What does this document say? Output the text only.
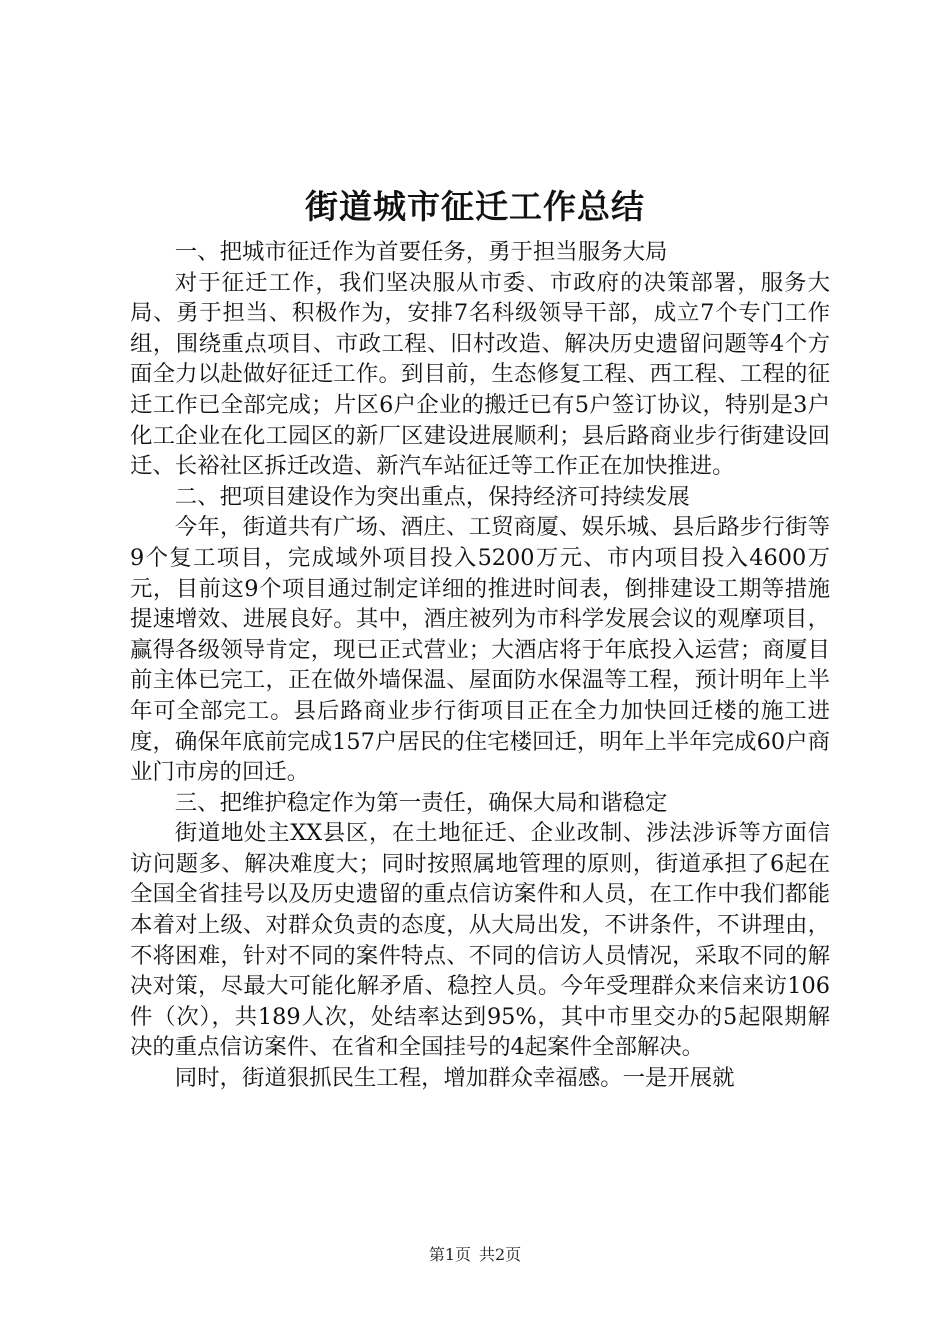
街道城市征迁工作总结

一、把城市征迁作为首要任务，勇于担当服务大局

对于征迁工作，我们坚决服从市委、市政府的决策部署，服务大局、勇于担当、积极作为，安排7名科级领导干部，成立7个专门工作组，围绕重点项目、市政工程、旧村改造、解决历史遗留问题等4个方面全力以赴做好征迁工作。到目前，生态修复工程、西工程、工程的征迁工作已全部完成；片区6户企业的搬迁已有5户签订协议，特别是3户化工企业在化工园区的新厂区建设进展顺利；县后路商业步行街建设回迁、长裕社区拆迁改造、新汽车站征迁等工作正在加快推进。

二、把项目建设作为突出重点，保持经济可持续发展

今年，街道共有广场、酒庄、工贸商厦、娱乐城、县后路步行街等9个复工项目，完成域外项目投入5200万元、市内项目投入4600万元，目前这9个项目通过制定详细的推进时间表，倒排建设工期等措施提速增效、进展良好。其中，酒庄被列为市科学发展会议的观摩项目，赢得各级领导肯定，现已正式营业；大酒店将于年底投入运营；商厦目前主体已完工，正在做外墙保温、屋面防水保温等工程，预计明年上半年可全部完工。县后路商业步行街项目正在全力加快回迁楼的施工进度，确保年底前完成157户居民的住宅楼回迁，明年上半年完成60户商业门市房的回迁。

三、把维护稳定作为第一责任，确保大局和谐稳定

街道地处主XX县区，在土地征迁、企业改制、涉法涉诉等方面信访问题多、解决难度大；同时按照属地管理的原则，街道承担了6起在全国全省挂号以及历史遗留的重点信访案件和人员，在工作中我们都能本着对上级、对群众负责的态度，从大局出发，不讲条件，不讲理由，不将困难，针对不同的案件特点、不同的信访人员情况，采取不同的解决对策，尽最大可能化解矛盾、稳控人员。今年受理群众来信来访106件（次），共189人次，处结率达到95%，其中市里交办的5起限期解决的重点信访案件、在省和全国挂号的4起案件全部解决。

同时，街道狠抓民生工程，增加群众幸福感。一是开展就

第1页 共2页
